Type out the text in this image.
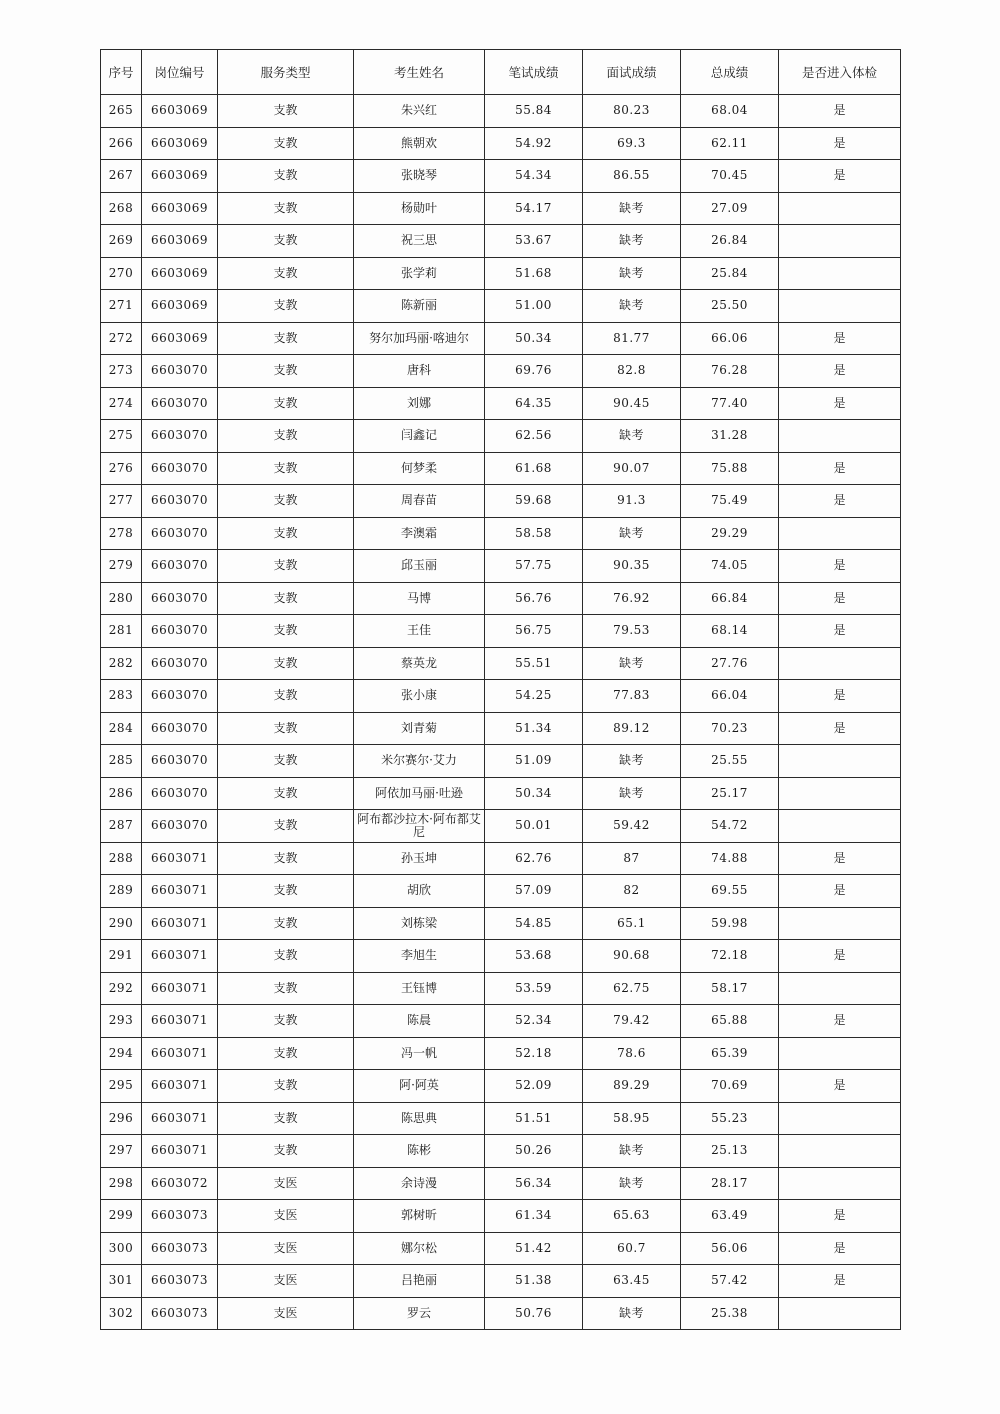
序号	岗位编号	服务类型	考生姓名	笔试成绩	面试成绩	总成绩	是否进入体检
265	6603069	支教	朱兴红	55.84	80.23	68.04	是
266	6603069	支教	熊朝欢	54.92	69.3	62.11	是
267	6603069	支教	张晓琴	54.34	86.55	70.45	是
268	6603069	支教	杨勋叶	54.17	缺考	27.09	
269	6603069	支教	祝三思	53.67	缺考	26.84	
270	6603069	支教	张学莉	51.68	缺考	25.84	
271	6603069	支教	陈新丽	51.00	缺考	25.50	
272	6603069	支教	努尔加玛丽·喀迪尔	50.34	81.77	66.06	是
273	6603070	支教	唐科	69.76	82.8	76.28	是
274	6603070	支教	刘娜	64.35	90.45	77.40	是
275	6603070	支教	闫鑫记	62.56	缺考	31.28	
276	6603070	支教	何梦柔	61.68	90.07	75.88	是
277	6603070	支教	周春苗	59.68	91.3	75.49	是
278	6603070	支教	李澳霜	58.58	缺考	29.29	
279	6603070	支教	邱玉丽	57.75	90.35	74.05	是
280	6603070	支教	马博	56.76	76.92	66.84	是
281	6603070	支教	王佳	56.75	79.53	68.14	是
282	6603070	支教	蔡英龙	55.51	缺考	27.76	
283	6603070	支教	张小康	54.25	77.83	66.04	是
284	6603070	支教	刘青菊	51.34	89.12	70.23	是
285	6603070	支教	米尔赛尔·艾力	51.09	缺考	25.55	
286	6603070	支教	阿依加马丽·吐逊	50.34	缺考	25.17	
287	6603070	支教	阿布都沙拉木·阿布都艾尼	50.01	59.42	54.72	
288	6603071	支教	孙玉坤	62.76	87	74.88	是
289	6603071	支教	胡欣	57.09	82	69.55	是
290	6603071	支教	刘栋梁	54.85	65.1	59.98	
291	6603071	支教	李旭生	53.68	90.68	72.18	是
292	6603071	支教	王钰博	53.59	62.75	58.17	
293	6603071	支教	陈晨	52.34	79.42	65.88	是
294	6603071	支教	冯一帆	52.18	78.6	65.39	
295	6603071	支教	阿·阿英	52.09	89.29	70.69	是
296	6603071	支教	陈思典	51.51	58.95	55.23	
297	6603071	支教	陈彬	50.26	缺考	25.13	
298	6603072	支医	余诗漫	56.34	缺考	28.17	
299	6603073	支医	郭树昕	61.34	65.63	63.49	是
300	6603073	支医	娜尔松	51.42	60.7	56.06	是
301	6603073	支医	吕艳丽	51.38	63.45	57.42	是
302	6603073	支医	罗云	50.76	缺考	25.38	
